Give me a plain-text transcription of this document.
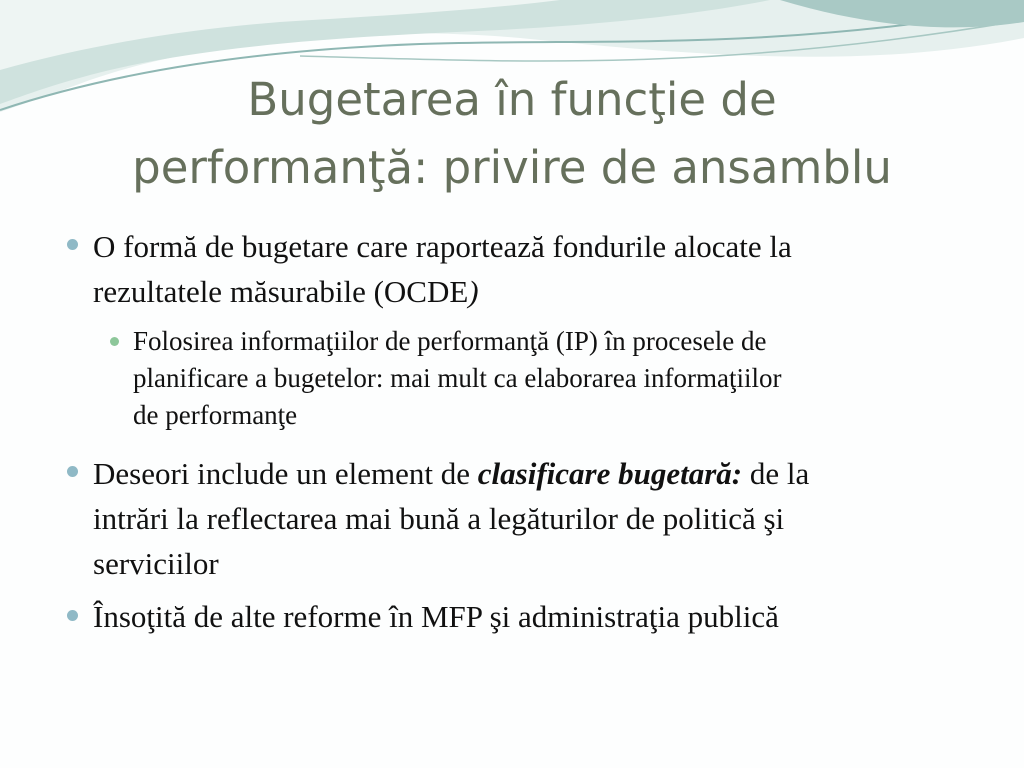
Bugetarea în funcţie de
performanţă: privire de ansamblu
O formă de bugetare care raportează fondurile alocate la
rezultatele măsurabile (OCDE)
Folosirea informaţiilor de performanţă (IP) în procesele de
planificare a bugetelor: mai mult ca elaborarea informaţiilor
de performanţe
Deseori include un element de clasificare bugetară: de la
intrări la reflectarea mai bună a legăturilor de politică şi
serviciilor
Însoţită de alte reforme în MFP şi administraţia publică
